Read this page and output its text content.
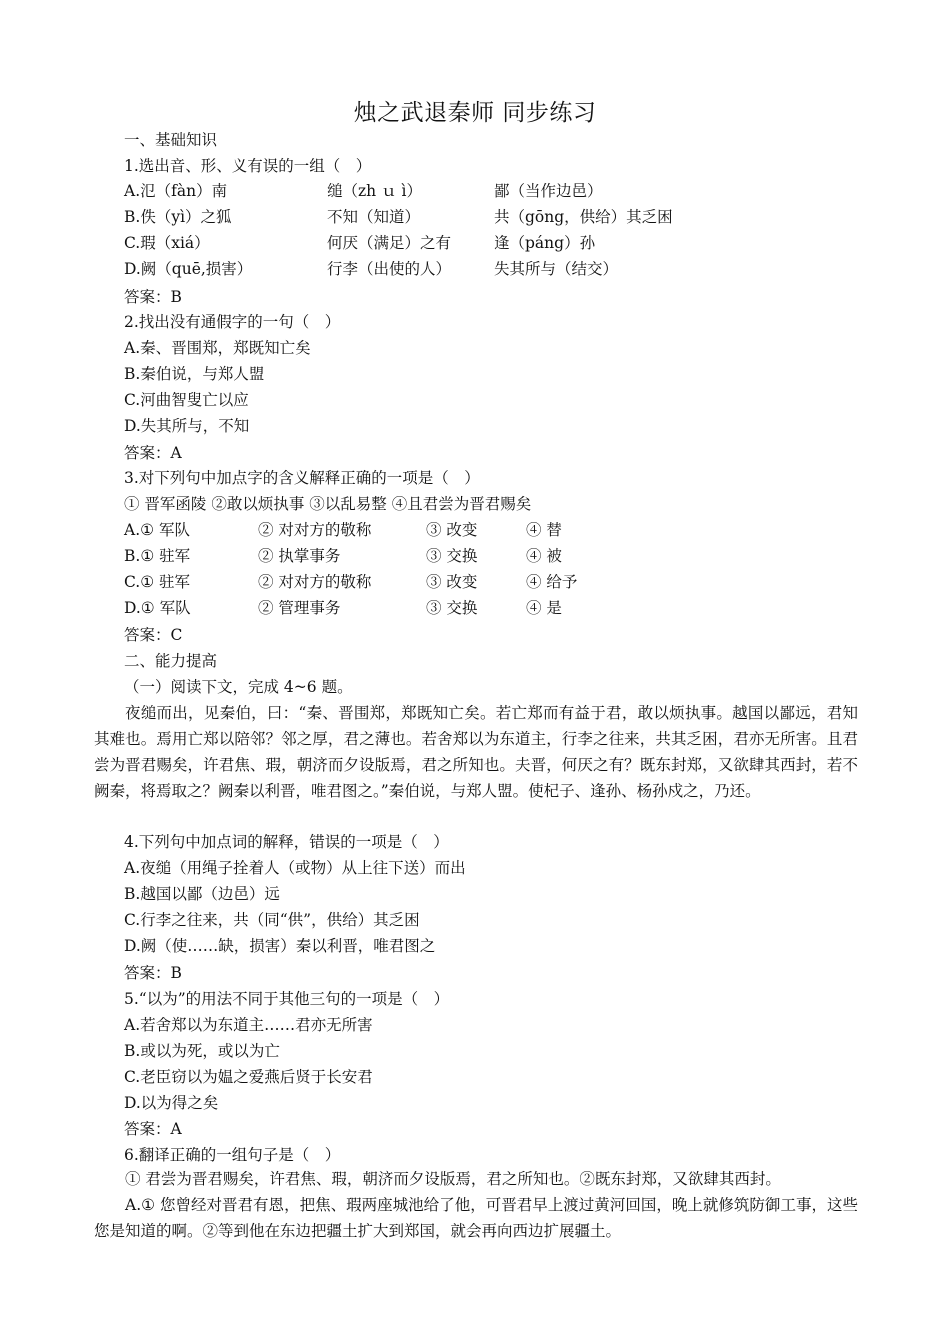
烛之武退秦师 同步练习
一、基础知识
1.选出音、形、义有误的一组（　）
A.氾（fàn）南	缒（zh ｕ ì）	鄙（当作边邑）
B.佚（yì）之狐	不知（知道）	共（gōng，供给）其乏困
C.瑕（xiá）	何厌（满足）之有	逢（páng）孙
D.阙（quē,损害）	行李（出使的人）	失其所与（结交）
答案：B
2.找出没有通假字的一句（　）
A.秦、晋围郑，郑既知亡矣
B.秦伯说，与郑人盟
C.河曲智叟亡以应
D.失其所与，不知
答案：A
3.对下列句中加点字的含义解释正确的一项是（　）
① 晋军函陵 ②敢以烦执事 ③以乱易整 ④且君尝为晋君赐矣
A.① 军队	② 对对方的敬称	③ 改变	④ 替
B.① 驻军	② 执掌事务	③ 交换	④ 被
C.① 驻军	② 对对方的敬称	③ 改变	④ 给予
D.① 军队	② 管理事务	③ 交换	④ 是
答案：C
二、能力提高
（一）阅读下文，完成 4~6 题。
夜缒而出，见秦伯，曰：“秦、晋围郑，郑既知亡矣。若亡郑而有益于君，敢以烦执事。越国以鄙远，君知其难也。焉用亡郑以陪邻？邻之厚，君之薄也。若舍郑以为东道主，行李之往来，共其乏困，君亦无所害。且君尝为晋君赐矣，许君焦、瑕，朝济而夕设版焉，君之所知也。夫晋，何厌之有？既东封郑，又欲肆其西封，若不阙秦，将焉取之？阙秦以利晋，唯君图之。”秦伯说，与郑人盟。使杞子、逢孙、杨孙戍之，乃还。
4.下列句中加点词的解释，错误的一项是（　）
A.夜缒（用绳子拴着人（或物）从上往下送）而出
B.越国以鄙（边邑）远
C.行李之往来，共（同“供”，供给）其乏困
D.阙（使……缺，损害）秦以利晋，唯君图之
答案：B
5.“以为”的用法不同于其他三句的一项是（　）
A.若舍郑以为东道主……君亦无所害
B.或以为死，或以为亡
C.老臣窃以为媪之爱燕后贤于长安君
D.以为得之矣
答案：A
6.翻译正确的一组句子是（　）
① 君尝为晋君赐矣，许君焦、瑕，朝济而夕设版焉，君之所知也。②既东封郑，又欲肆其西封。
A.① 您曾经对晋君有恩，把焦、瑕两座城池给了他，可晋君早上渡过黄河回国，晚上就修筑防御工事，这些您是知道的啊。②等到他在东边把疆土扩大到郑国，就会再向西边扩展疆土。
